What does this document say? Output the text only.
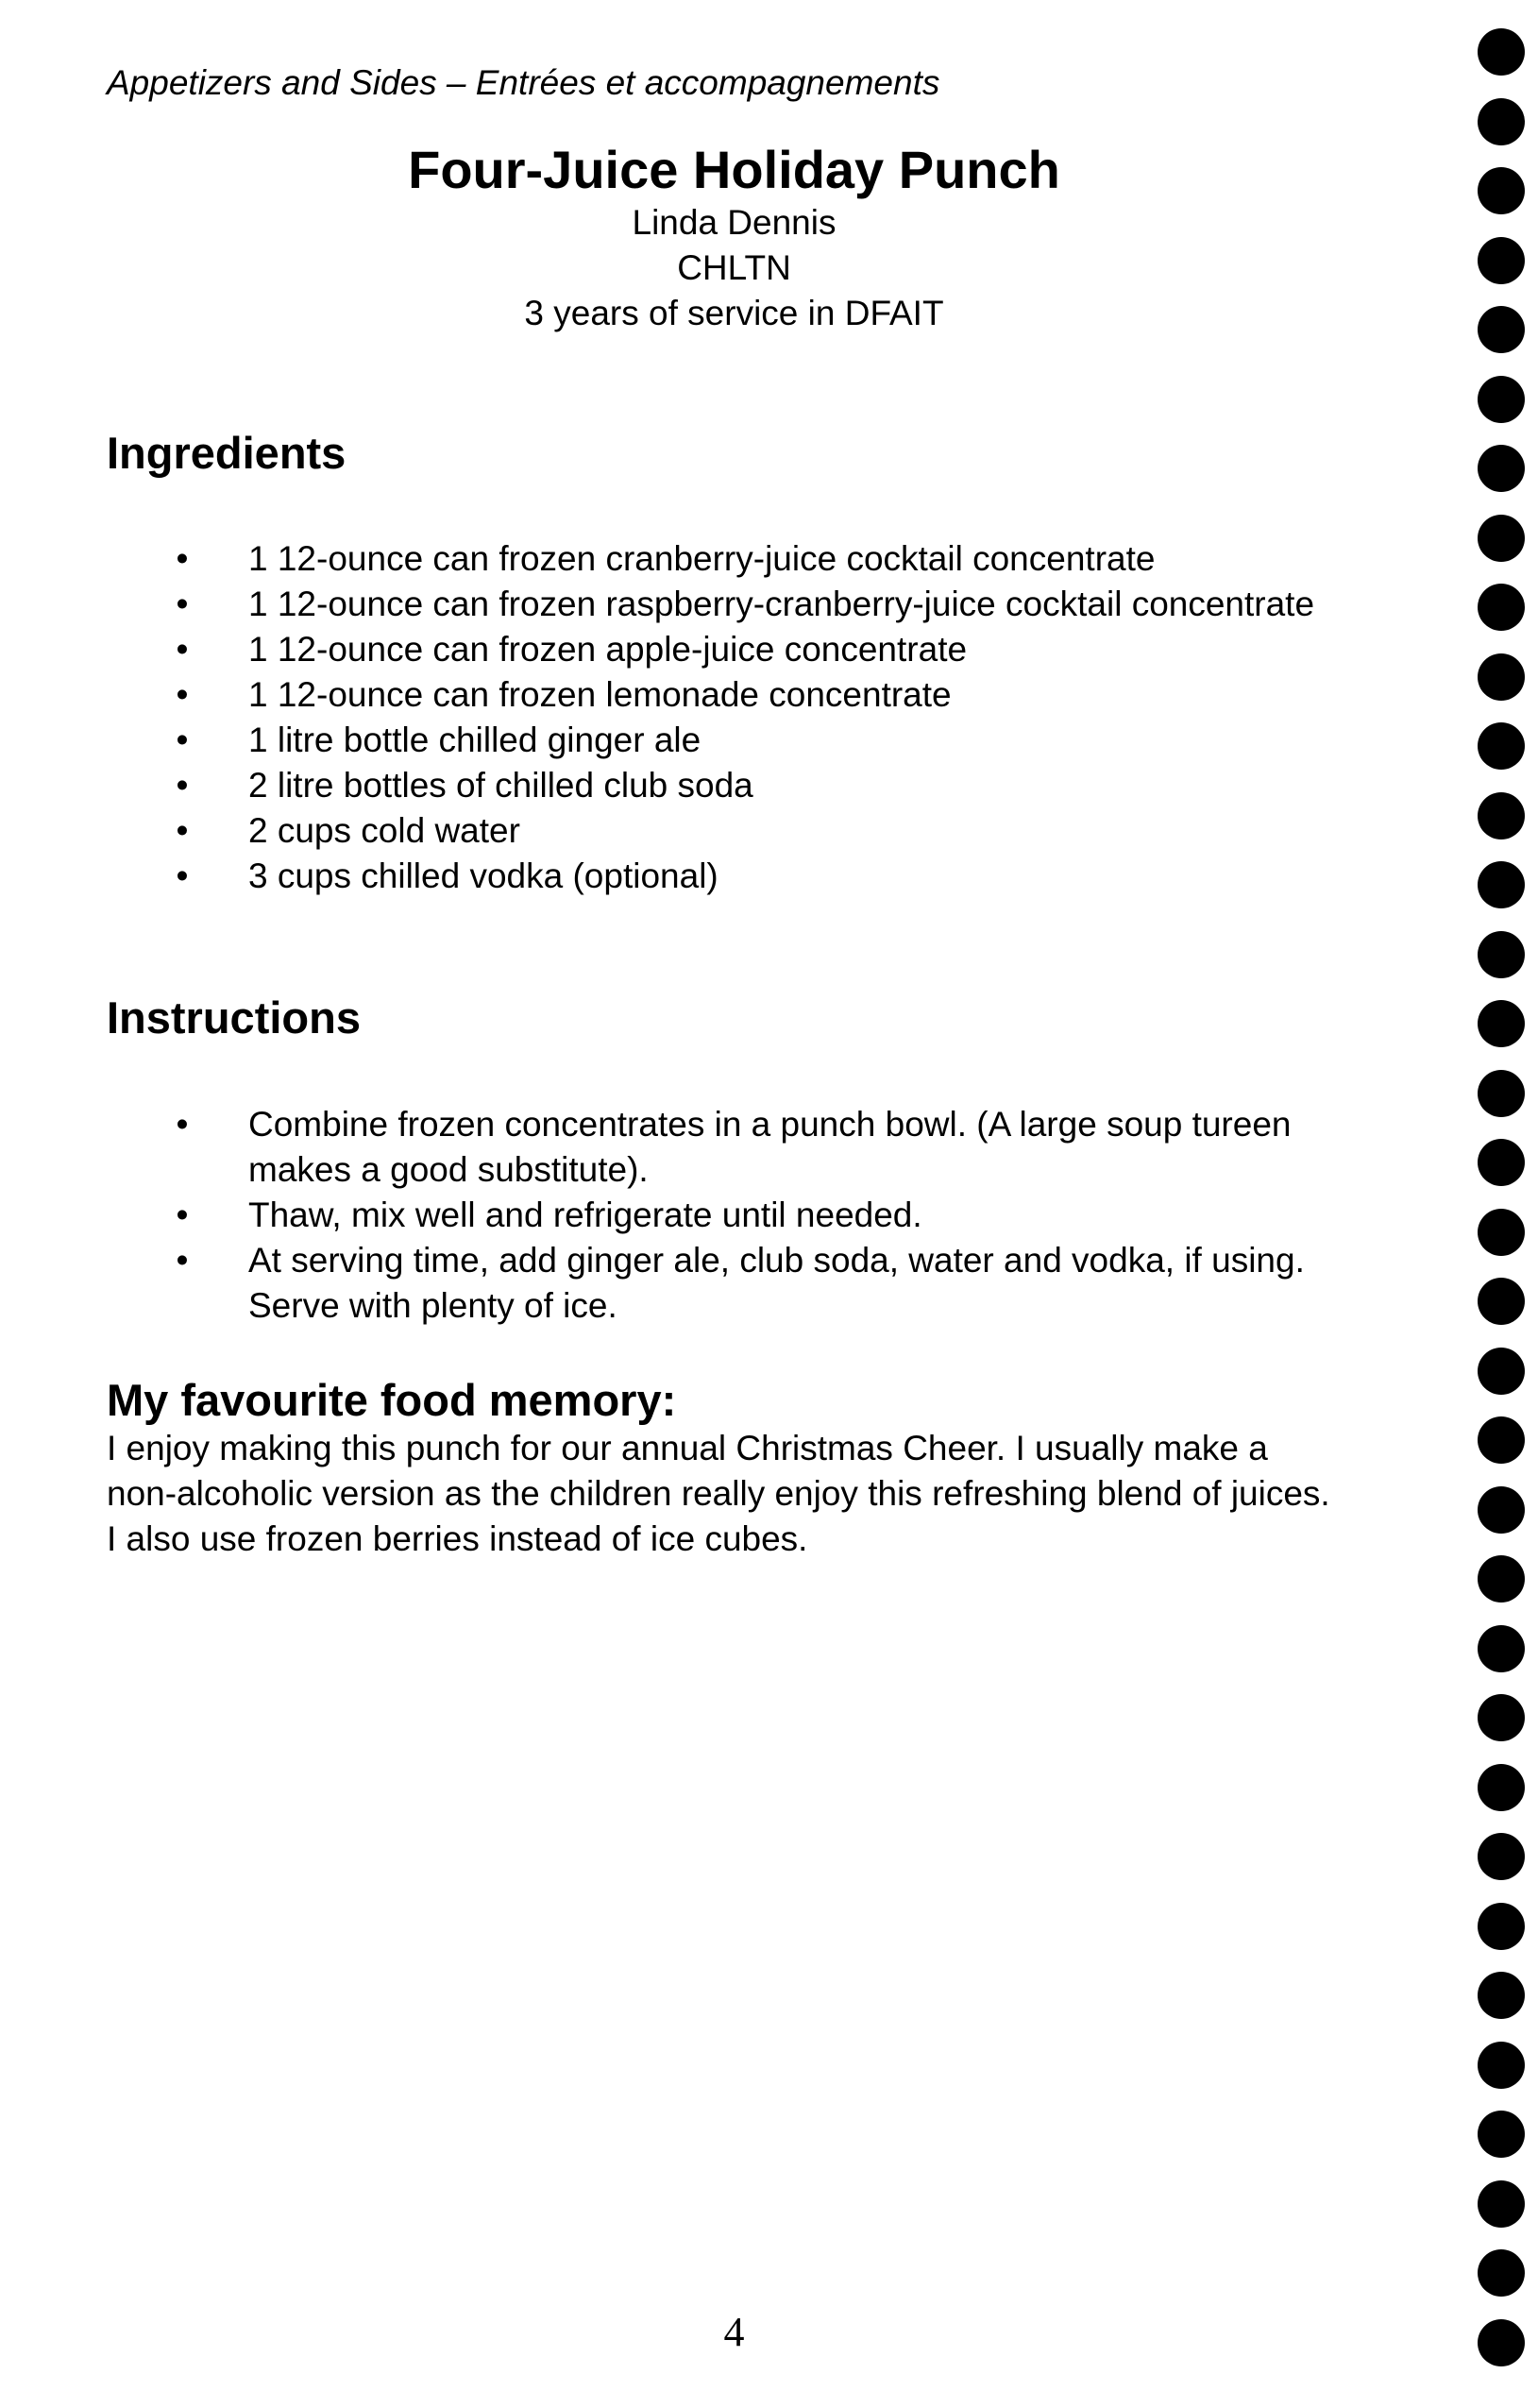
Appetizers and Sides – Entrées et accompagnements
Four-Juice Holiday Punch

Linda Dennis

CHLTN

3 years of service in DFAIT

Ingredients
• 1 12-ounce can frozen cranberry-juice cocktail concentrate
• 1 12-ounce can frozen raspberry-cranberry-juice cocktail concentrate
• 1 12-ounce can frozen apple-juice concentrate
• 1 12-ounce can frozen lemonade concentrate
• 1 litre bottle chilled ginger ale
• 2 litre bottles of chilled club soda
• 2 cups cold water
• 3 cups chilled vodka (optional)
Instructions
• Combine frozen concentrates in a punch bowl. (A large soup tureen makes a good substitute).
• Thaw, mix well and refrigerate until needed.
• At serving time, add ginger ale, club soda, water and vodka, if using. Serve with plenty of ice.
My favourite food memory:

I enjoy making this punch for our annual Christmas Cheer. I usually make a non-alcoholic version as the children really enjoy this refreshing blend of juices. I also use frozen berries instead of ice cubes.

4
